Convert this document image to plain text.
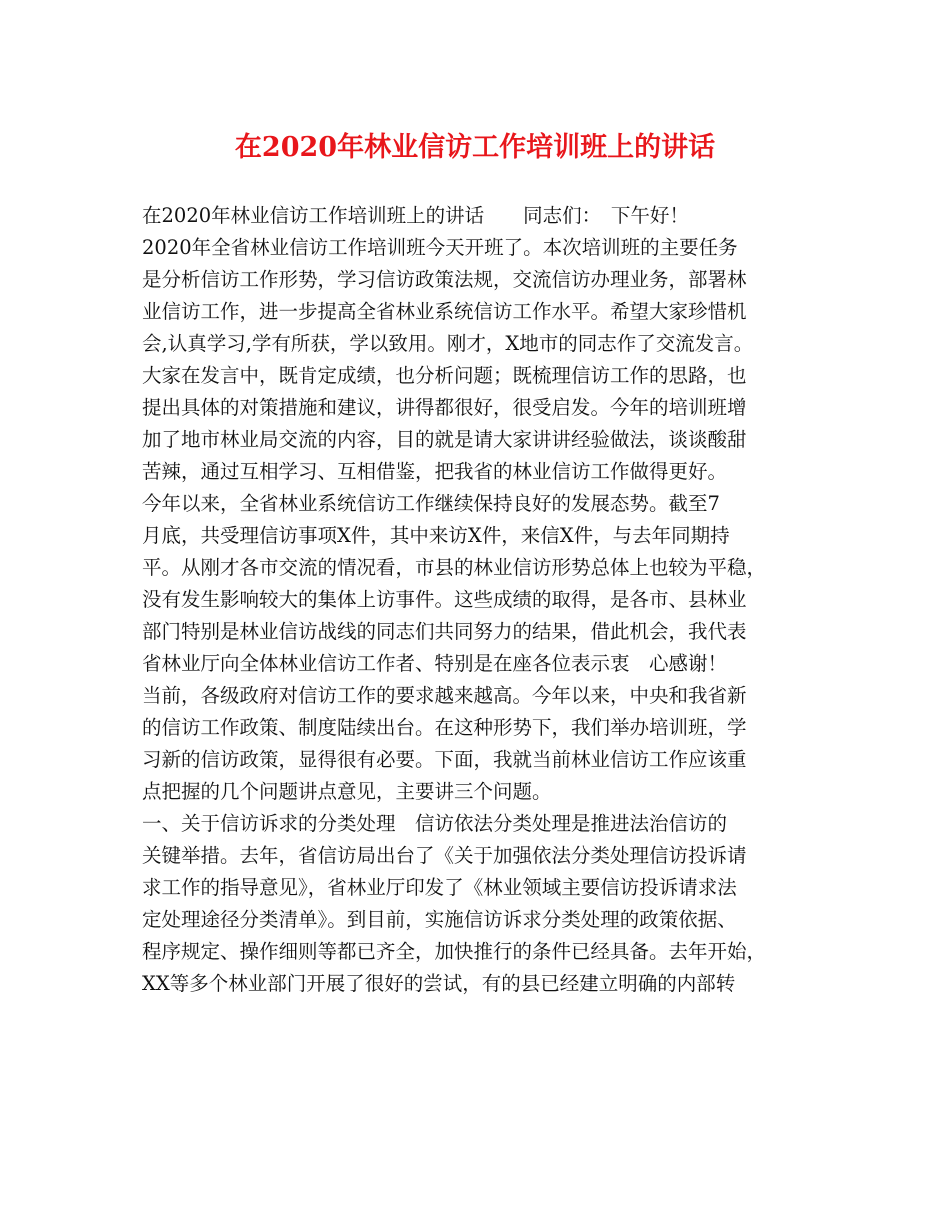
在2020年林业信访工作培训班上的讲话
在2020年林业信访工作培训班上的讲话　　同志们：　下午好！
2020年全省林业信访工作培训班今天开班了。本次培训班的主要任务
是分析信访工作形势，学习信访政策法规，交流信访办理业务，部署林
业信访工作，进一步提高全省林业系统信访工作水平。希望大家珍惜机
会,认真学习,学有所获，学以致用。刚才，X地市的同志作了交流发言。
大家在发言中，既肯定成绩，也分析问题；既梳理信访工作的思路，也
提出具体的对策措施和建议，讲得都很好，很受启发。今年的培训班增
加了地市林业局交流的内容，目的就是请大家讲讲经验做法，谈谈酸甜
苦辣，通过互相学习、互相借鉴，把我省的林业信访工作做得更好。
今年以来，全省林业系统信访工作继续保持良好的发展态势。截至7
月底，共受理信访事项X件，其中来访X件，来信X件，与去年同期持
平。从刚才各市交流的情况看，市县的林业信访形势总体上也较为平稳，
没有发生影响较大的集体上访事件。这些成绩的取得，是各市、县林业
部门特别是林业信访战线的同志们共同努力的结果，借此机会，我代表
省林业厅向全体林业信访工作者、特别是在座各位表示衷　心感谢！
当前，各级政府对信访工作的要求越来越高。今年以来，中央和我省新
的信访工作政策、制度陆续出台。在这种形势下，我们举办培训班，学
习新的信访政策，显得很有必要。下面，我就当前林业信访工作应该重
点把握的几个问题讲点意见，主要讲三个问题。
一、关于信访诉求的分类处理　信访依法分类处理是推进法治信访的
关键举措。去年，省信访局出台了《关于加强依法分类处理信访投诉请
求工作的指导意见》，省林业厅印发了《林业领域主要信访投诉请求法
定处理途径分类清单》。到目前，实施信访诉求分类处理的政策依据、
程序规定、操作细则等都已齐全，加快推行的条件已经具备。去年开始，
XX等多个林业部门开展了很好的尝试，有的县已经建立明确的内部转
